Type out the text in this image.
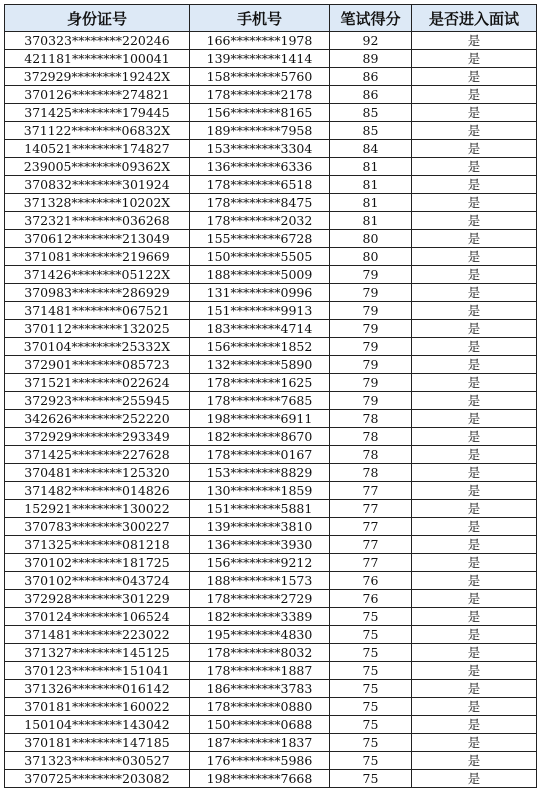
身份证号	手机号	笔试得分	是否进入面试
370323********220246	166********1978	92	是
421181********100041	139********1414	89	是
372929********19242X	158********5760	86	是
370126********274821	178********2178	86	是
371425********179445	156********8165	85	是
371122********06832X	189********7958	85	是
140521********174827	153********3304	84	是
239005********09362X	136********6336	81	是
370832********301924	178********6518	81	是
371328********10202X	178********8475	81	是
372321********036268	178********2032	81	是
370612********213049	155********6728	80	是
371081********219669	150********5505	80	是
371426********05122X	188********5009	79	是
370983********286929	131********0996	79	是
371481********067521	151********9913	79	是
370112********132025	183********4714	79	是
370104********25332X	156********1852	79	是
372901********085723	132********5890	79	是
371521********022624	178********1625	79	是
372923********255945	178********7685	79	是
342626********252220	198********6911	78	是
372929********293349	182********8670	78	是
371425********227628	178********0167	78	是
370481********125320	153********8829	78	是
371482********014826	130********1859	77	是
152921********130022	151********5881	77	是
370783********300227	139********3810	77	是
371325********081218	136********3930	77	是
370102********181725	156********9212	77	是
370102********043724	188********1573	76	是
372928********301229	178********2729	76	是
370124********106524	182********3389	75	是
371481********223022	195********4830	75	是
371327********145125	178********8032	75	是
370123********151041	178********1887	75	是
371326********016142	186********3783	75	是
370181********160022	178********0880	75	是
150104********143042	150********0688	75	是
370181********147185	187********1837	75	是
371323********030527	176********5986	75	是
370725********203082	198********7668	75	是
